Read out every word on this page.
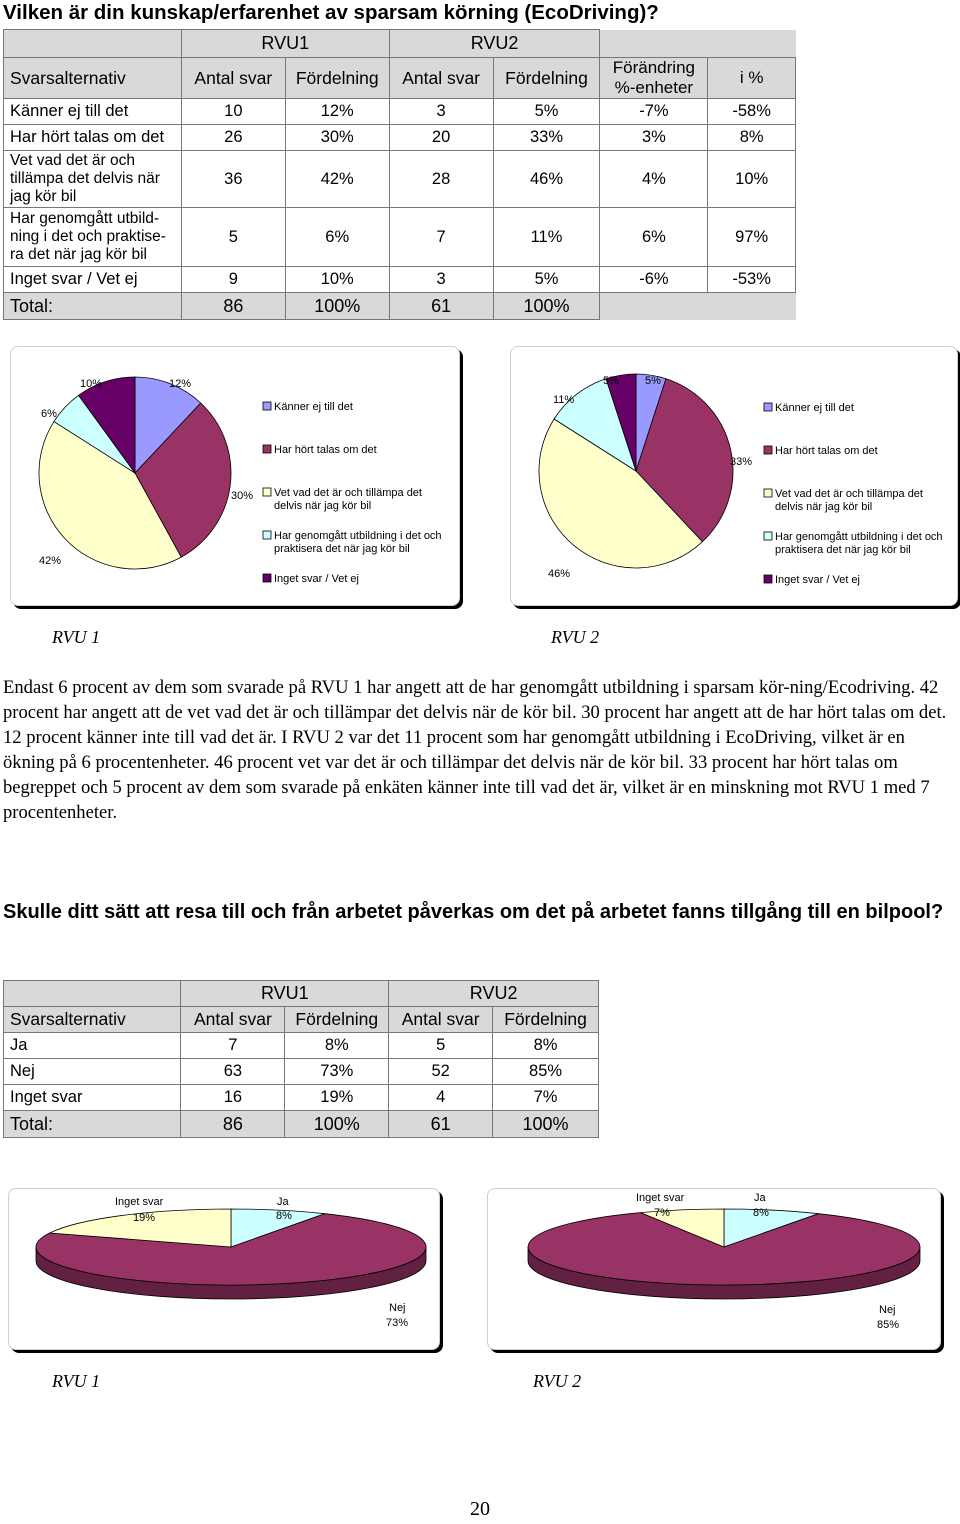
Vilken är din kunskap/erfarenhet av sparsam körning (EcoDriving)?
	RVU1		RVU2			
Svarsalternativ	Antal svar	Fördelning	Antal svar	Fördelning	Förändring %-enheter	i %
Känner ej till det	10	12%	3	5%	-7%	-58%
Har hört talas om det	26	30%	20	33%	3%	8%
Vet vad det är och tillämpa det delvis när jag kör bil	36	42%	28	46%	4%	10%
Har genomgått utbild-ning i det och praktise-ra det när jag kör bil	5	6%	7	11%	6%	97%
Inget svar / Vet ej	9	10%	3	5%	-6%	-53%
Total:	86	100%	61	100%		
10%	12%
6%
30%
42%
Känner ej till det
Har hört talas om det
Vet vad det är och tillämpa det
delvis när jag kör bil
Har genomgått utbildning i det och
praktisera det när jag kör bil
Inget svar / Vet ej
5% 5%
11%
33%
46%
Känner ej till det
Har hört talas om det
Vet vad det är och tillämpa det
delvis när jag kör bil
Har genomgått utbildning i det och
praktisera det när jag kör bil
Inget svar / Vet ej
RVU 1	RVU 2

Endast 6 procent av dem som svarade på RVU 1 har angett att de har genomgått utbildning i sparsam kör-ning/Ecodriving. 42 procent har angett att de vet vad det är och tillämpar det delvis när de kör bil. 30 procent har angett att de har hört talas om det. 12 procent känner inte till vad det är. I RVU 2 var det 11 procent som har genomgått utbildning i EcoDriving, vilket är en ökning på 6 procentenheter. 46 procent vet var det är och tillämpar det delvis när de kör bil. 33 procent har hört talas om begreppet och 5 procent av dem som svarade på enkäten känner inte till vad det är, vilket är en minskning mot RVU 1 med 7 procentenheter.

Skulle ditt sätt att resa till och från arbetet påverkas om det på arbetet fanns tillgång till en bilpool?
	RVU1		RVU2	
Svarsalternativ	Antal svar	Fördelning	Antal svar	Fördelning
Ja	7	8%	5	8%
Nej	63	73%	52	85%
Inget svar	16	19%	4	7%
Total:	86	100%	61	100%
Inget svar
19%
Ja
8%
Nej
73%
Inget svar
7%
Ja
8%
Nej
85%
RVU 1	RVU 2
20
